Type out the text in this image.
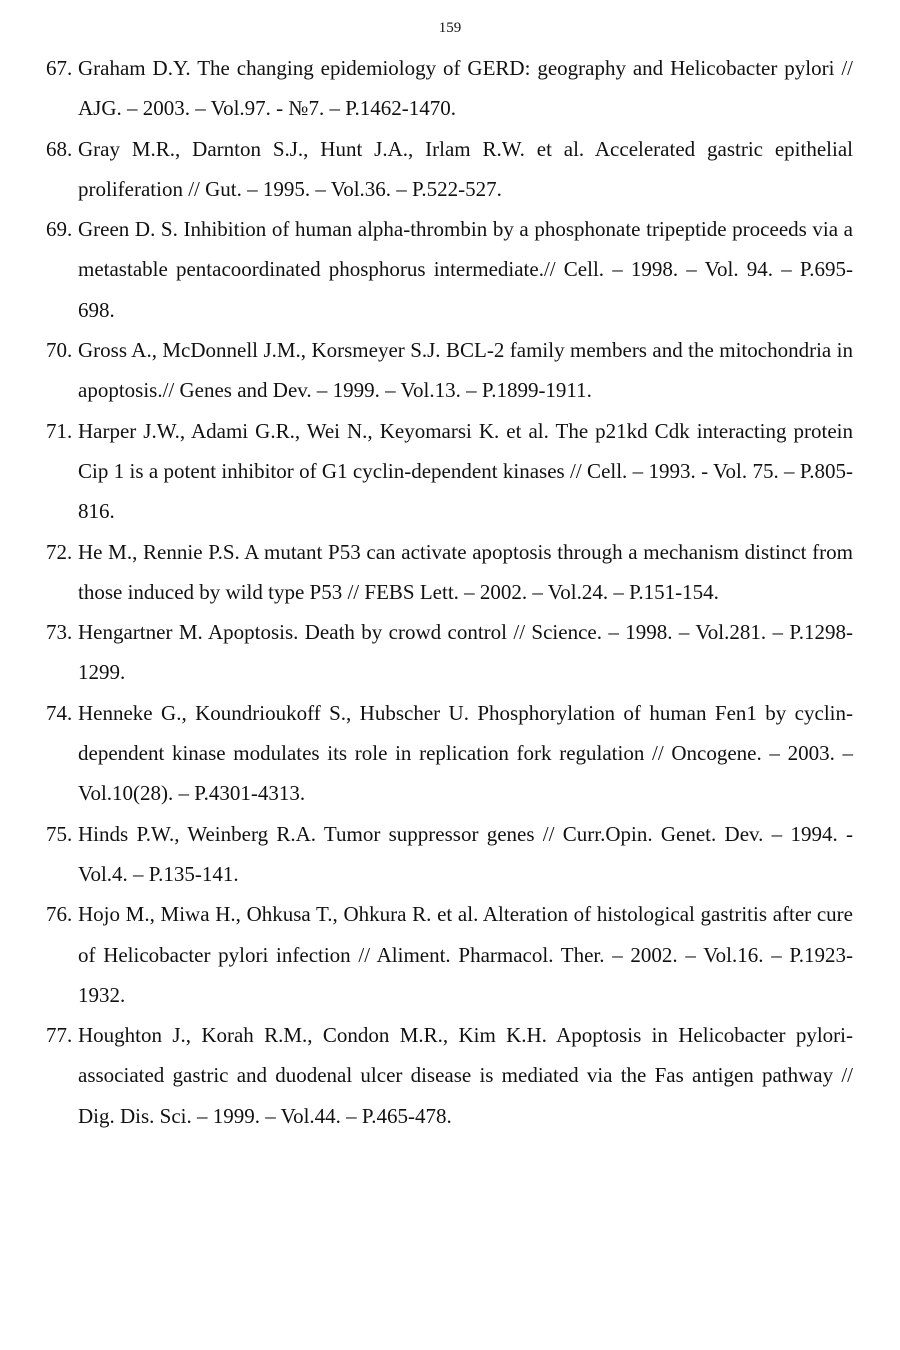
159
67. Graham D.Y. The changing epidemiology of GERD: geography and Helicobacter pylori // AJG. – 2003. – Vol.97. - №7. – P.1462-1470.
68. Gray M.R., Darnton S.J., Hunt J.A., Irlam R.W. et al. Accelerated gastric epithelial proliferation // Gut. – 1995. – Vol.36. – P.522-527.
69. Green D. S. Inhibition of human alpha-thrombin by a phosphonate tripeptide proceeds via a metastable pentacoordinated phosphorus intermediate.// Cell. – 1998. – Vol. 94. – P.695-698.
70. Gross A., McDonnell J.M., Korsmeyer S.J. BCL-2 family members and the mitochondria in apoptosis.// Genes and Dev. – 1999. – Vol.13. – P.1899-1911.
71. Harper J.W., Adami G.R., Wei N., Keyomarsi K. et al. The p21kd Cdk interacting protein Cip 1 is a potent inhibitor of G1 cyclin-dependent kinases // Cell. – 1993. - Vol. 75. – P.805-816.
72. He M., Rennie P.S. A mutant P53 can activate apoptosis through a mechanism distinct from those induced by wild type P53 // FEBS Lett. – 2002. – Vol.24. – P.151-154.
73. Hengartner M. Apoptosis. Death by crowd control // Science. – 1998. – Vol.281. – P.1298-1299.
74. Henneke G., Koundrioukoff S., Hubscher U. Phosphorylation of human Fen1 by cyclin-dependent kinase modulates its role in replication fork regulation // Oncogene. – 2003. – Vol.10(28). – P.4301-4313.
75. Hinds P.W., Weinberg R.A. Tumor suppressor genes // Curr.Opin. Genet. Dev. – 1994. - Vol.4. – P.135-141.
76. Hojo M., Miwa H., Ohkusa T., Ohkura R. et al. Alteration of histological gastritis after cure of Helicobacter pylori infection // Aliment. Pharmacol. Ther. – 2002. – Vol.16. – P.1923-1932.
77. Houghton J., Korah R.M., Condon M.R., Kim K.H. Apoptosis in Helicobacter pylori-associated gastric and duodenal ulcer disease is mediated via the Fas antigen pathway // Dig. Dis. Sci. – 1999. – Vol.44. – P.465-478.
